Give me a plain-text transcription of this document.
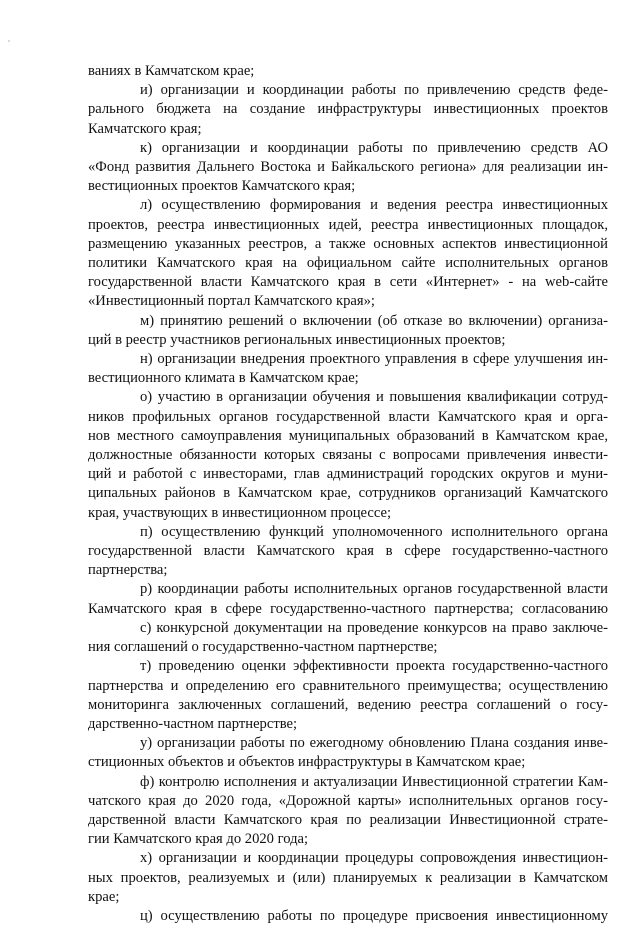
ваниях в Камчатском крае;
и) организации и координации работы по привлечению средств феде-
рального бюджета на создание инфраструктуры инвестиционных проектов
Камчатского края;
к) организации и координации работы по привлечению средств АО
«Фонд развития Дальнего Востока и Байкальского региона» для реализации ин-
вестиционных проектов Камчатского края;
л) осуществлению формирования и ведения реестра инвестиционных
проектов, реестра инвестиционных идей, реестра инвестиционных площадок,
размещению указанных реестров, а также основных аспектов инвестиционной
политики Камчатского края на официальном сайте исполнительных органов
государственной власти Камчатского края в сети «Интернет» - на web-сайте
«Инвестиционный портал Камчатского края»;
м) принятию решений о включении (об отказе во включении) организа-
ций в реестр участников региональных инвестиционных проектов;
н) организации внедрения проектного управления в сфере улучшения ин-
вестиционного климата в Камчатском крае;
о) участию в организации обучения и повышения квалификации сотруд-
ников профильных органов государственной власти Камчатского края и орга-
нов местного самоуправления муниципальных образований в Камчатском крае,
должностные обязанности которых связаны с вопросами привлечения инвести-
ций и работой с инвесторами, глав администраций городских округов и муни-
ципальных районов в Камчатском крае, сотрудников организаций Камчатского
края, участвующих в инвестиционном процессе;
п) осуществлению функций уполномоченного исполнительного органа
государственной власти Камчатского края в сфере государственно-частного
партнерства;
р) координации работы исполнительных органов государственной власти
Камчатского края в сфере государственно-частного партнерства; согласованию
с) конкурсной документации на проведение конкурсов на право заключе-
ния соглашений о государственно-частном партнерстве;
т) проведению оценки эффективности проекта государственно-частного
партнерства и определению его сравнительного преимущества; осуществлению
мониторинга заключенных соглашений, ведению реестра соглашений о госу-
дарственно-частном партнерстве;
у) организации работы по ежегодному обновлению Плана создания инве-
стиционных объектов и объектов инфраструктуры в Камчатском крае;
ф) контролю исполнения и актуализации Инвестиционной стратегии Кам-
чатского края до 2020 года, «Дорожной карты» исполнительных органов госу-
дарственной власти Камчатского края по реализации Инвестиционной страте-
гии Камчатского края до 2020 года;
х) организации и координации процедуры сопровождения инвестицион-
ных проектов, реализуемых и (или) планируемых к реализации в Камчатском
крае;
ц) осуществлению работы по процедуре присвоения инвестиционному
